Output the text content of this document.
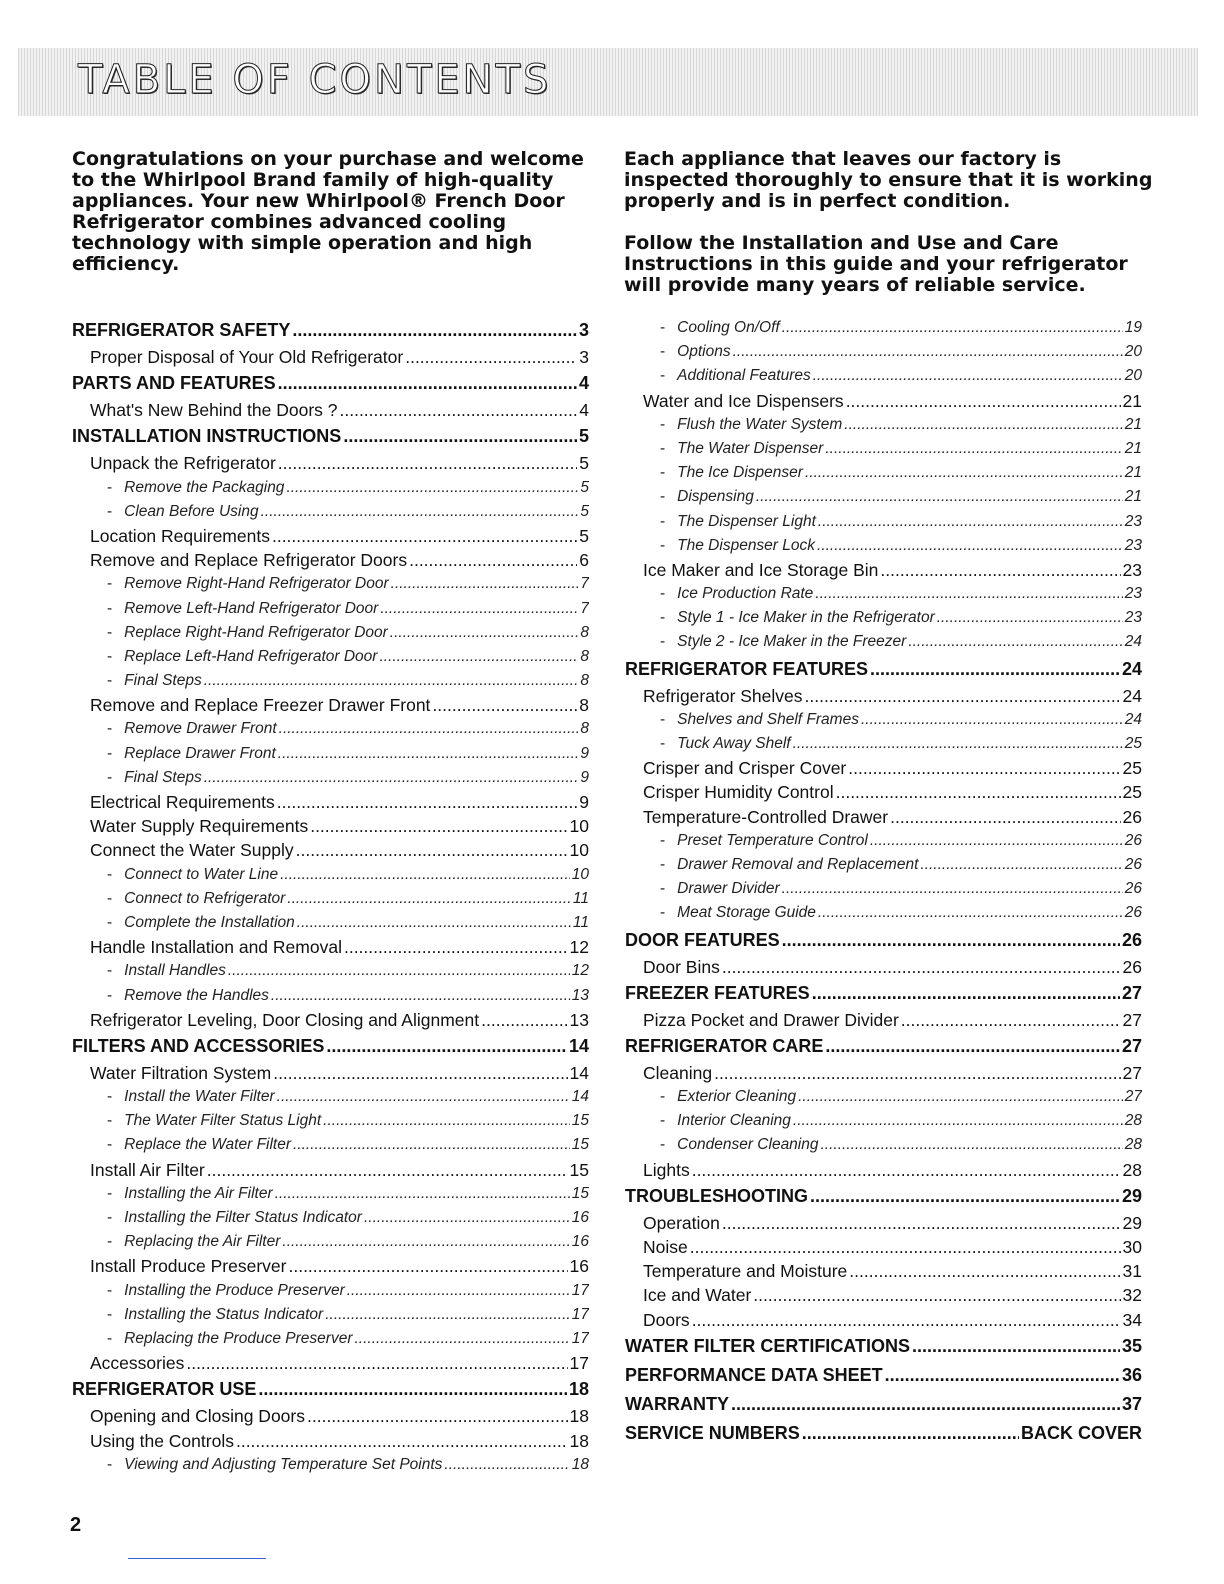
TABLE OF CONTENTS

Congratulations on your purchase and welcome to the Whirlpool Brand family of high-quality appliances. Your new Whirlpool® French Door Refrigerator combines advanced cooling technology with simple operation and high efficiency.

Each appliance that leaves our factory is inspected thoroughly to ensure that it is working properly and is in perfect condition.

Follow the Installation and Use and Care Instructions in this guide and your refrigerator will provide many years of reliable service.

REFRIGERATOR SAFETY .....	3
Proper Disposal of Your Old Refrigerator .....	3
PARTS AND FEATURES .....	4
What's New Behind the Doors ? .....	4
INSTALLATION INSTRUCTIONS .....	5
Unpack the Refrigerator .....	5
- Remove the Packaging .....	5
- Clean Before Using .....	5
Location Requirements .....	5
Remove and Replace Refrigerator Doors .....	6
- Remove Right-Hand Refrigerator Door .....	7
- Remove Left-Hand Refrigerator Door .....	7
- Replace Right-Hand Refrigerator Door .....	8
- Replace Left-Hand Refrigerator Door .....	8
- Final Steps .....	8
Remove and Replace Freezer Drawer Front .....	8
- Remove Drawer Front .....	8
- Replace Drawer Front .....	9
- Final Steps .....	9
Electrical Requirements .....	9
Water Supply Requirements .....	10
Connect the Water Supply .....	10
- Connect to Water Line .....	10
- Connect to Refrigerator .....	11
- Complete the Installation .....	11
Handle Installation and Removal .....	12
- Install Handles .....	12
- Remove the Handles .....	13
Refrigerator Leveling, Door Closing and Alignment .....	13
FILTERS AND ACCESSORIES .....	14
Water Filtration System .....	14
- Install the Water Filter .....	14
- The Water Filter Status Light .....	15
- Replace the Water Filter .....	15
Install Air Filter .....	15
- Installing the Air Filter .....	15
- Installing the Filter Status Indicator .....	16
- Replacing the Air Filter .....	16
Install Produce Preserver .....	16
- Installing the Produce Preserver .....	17
- Installing the Status Indicator .....	17
- Replacing the Produce Preserver .....	17
Accessories .....	17
REFRIGERATOR USE .....	18
Opening and Closing Doors .....	18
Using the Controls .....	18
- Viewing and Adjusting Temperature Set Points .....	18
- Cooling On/Off .....	19
- Options .....	20
- Additional Features .....	20
Water and Ice Dispensers .....	21
- Flush the Water System .....	21
- The Water Dispenser .....	21
- The Ice Dispenser .....	21
- Dispensing .....	21
- The Dispenser Light .....	23
- The Dispenser Lock .....	23
Ice Maker and Ice Storage Bin .....	23
- Ice Production Rate .....	23
- Style 1 - Ice Maker in the Refrigerator .....	23
- Style 2 - Ice Maker in the Freezer .....	24
REFRIGERATOR FEATURES .....	24
Refrigerator Shelves .....	24
- Shelves and Shelf Frames .....	24
- Tuck Away Shelf .....	25
Crisper and Crisper Cover .....	25
Crisper Humidity Control .....	25
Temperature-Controlled Drawer .....	26
- Preset Temperature Control .....	26
- Drawer Removal and Replacement .....	26
- Drawer Divider .....	26
- Meat Storage Guide .....	26
DOOR FEATURES .....	26
Door Bins .....	26
FREEZER FEATURES .....	27
Pizza Pocket and Drawer Divider .....	27
REFRIGERATOR CARE .....	27
Cleaning .....	27
- Exterior Cleaning .....	27
- Interior Cleaning .....	28
- Condenser Cleaning .....	28
Lights .....	28
TROUBLESHOOTING .....	29
Operation .....	29
Noise .....	30
Temperature and Moisture .....	31
Ice and Water .....	32
Doors .....	34
WATER FILTER CERTIFICATIONS .....	35
PERFORMANCE DATA SHEET .....	36
WARRANTY .....	37
SERVICE NUMBERS .....	BACK COVER

2
